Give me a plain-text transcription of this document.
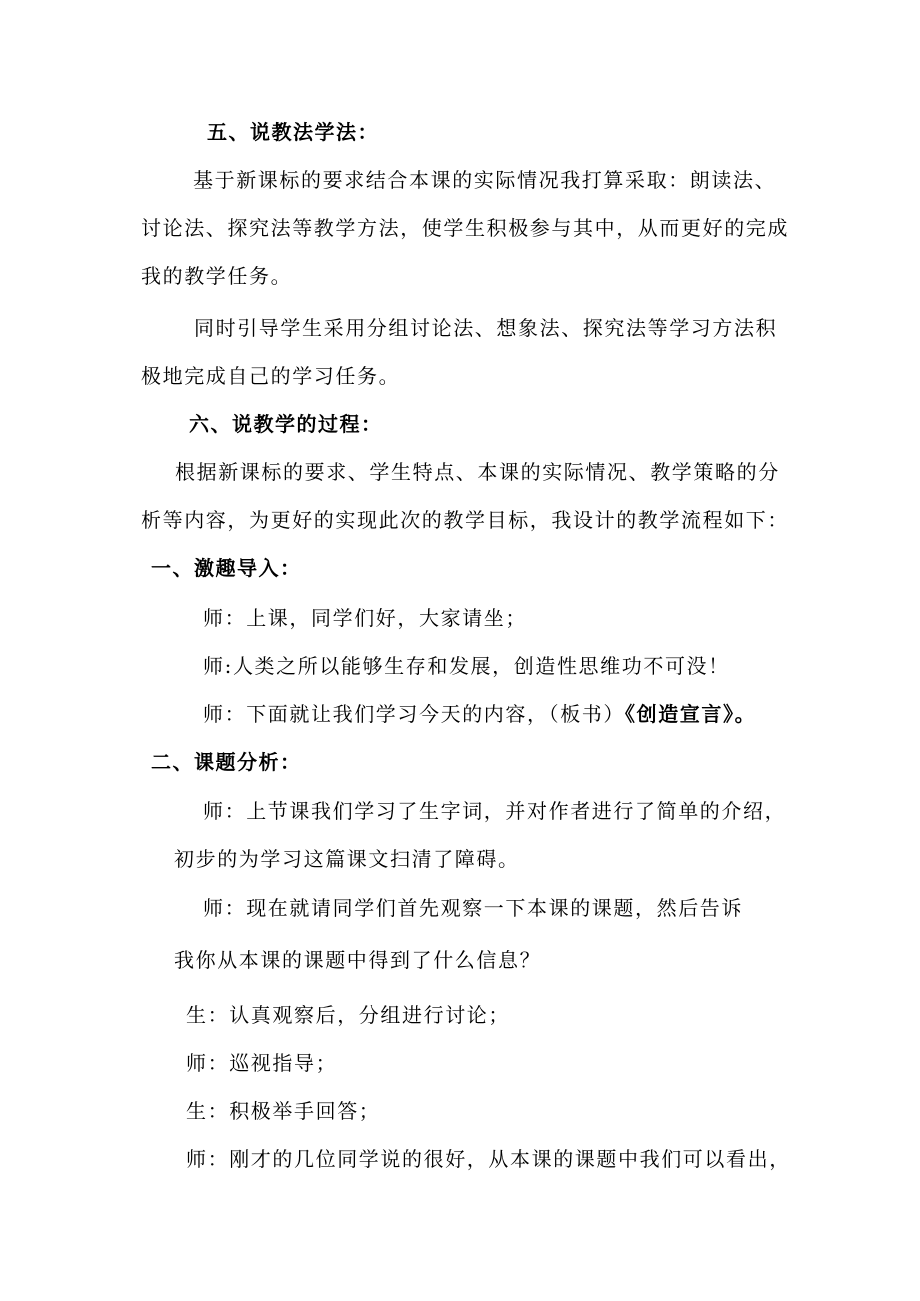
五、说教法学法：
基于新课标的要求结合本课的实际情况我打算采取：朗读法、
讨论法、探究法等教学方法，使学生积极参与其中，从而更好的完成
我的教学任务。
同时引导学生采用分组讨论法、想象法、探究法等学习方法积
极地完成自己的学习任务。
六、说教学的过程：
根据新课标的要求、学生特点、本课的实际情况、教学策略的分
析等内容，为更好的实现此次的教学目标，我设计的教学流程如下：
一、激趣导入：
师：上课，同学们好，大家请坐；
师:人类之所以能够生存和发展，创造性思维功不可没！
师：下面就让我们学习今天的内容，（板书）《创造宣言》。
二、课题分析：
师：上节课我们学习了生字词，并对作者进行了简单的介绍，
初步的为学习这篇课文扫清了障碍。
师：现在就请同学们首先观察一下本课的课题，然后告诉
我你从本课的课题中得到了什么信息？
生：认真观察后，分组进行讨论；
师：巡视指导；
生：积极举手回答；
师：刚才的几位同学说的很好，从本课的课题中我们可以看出，
